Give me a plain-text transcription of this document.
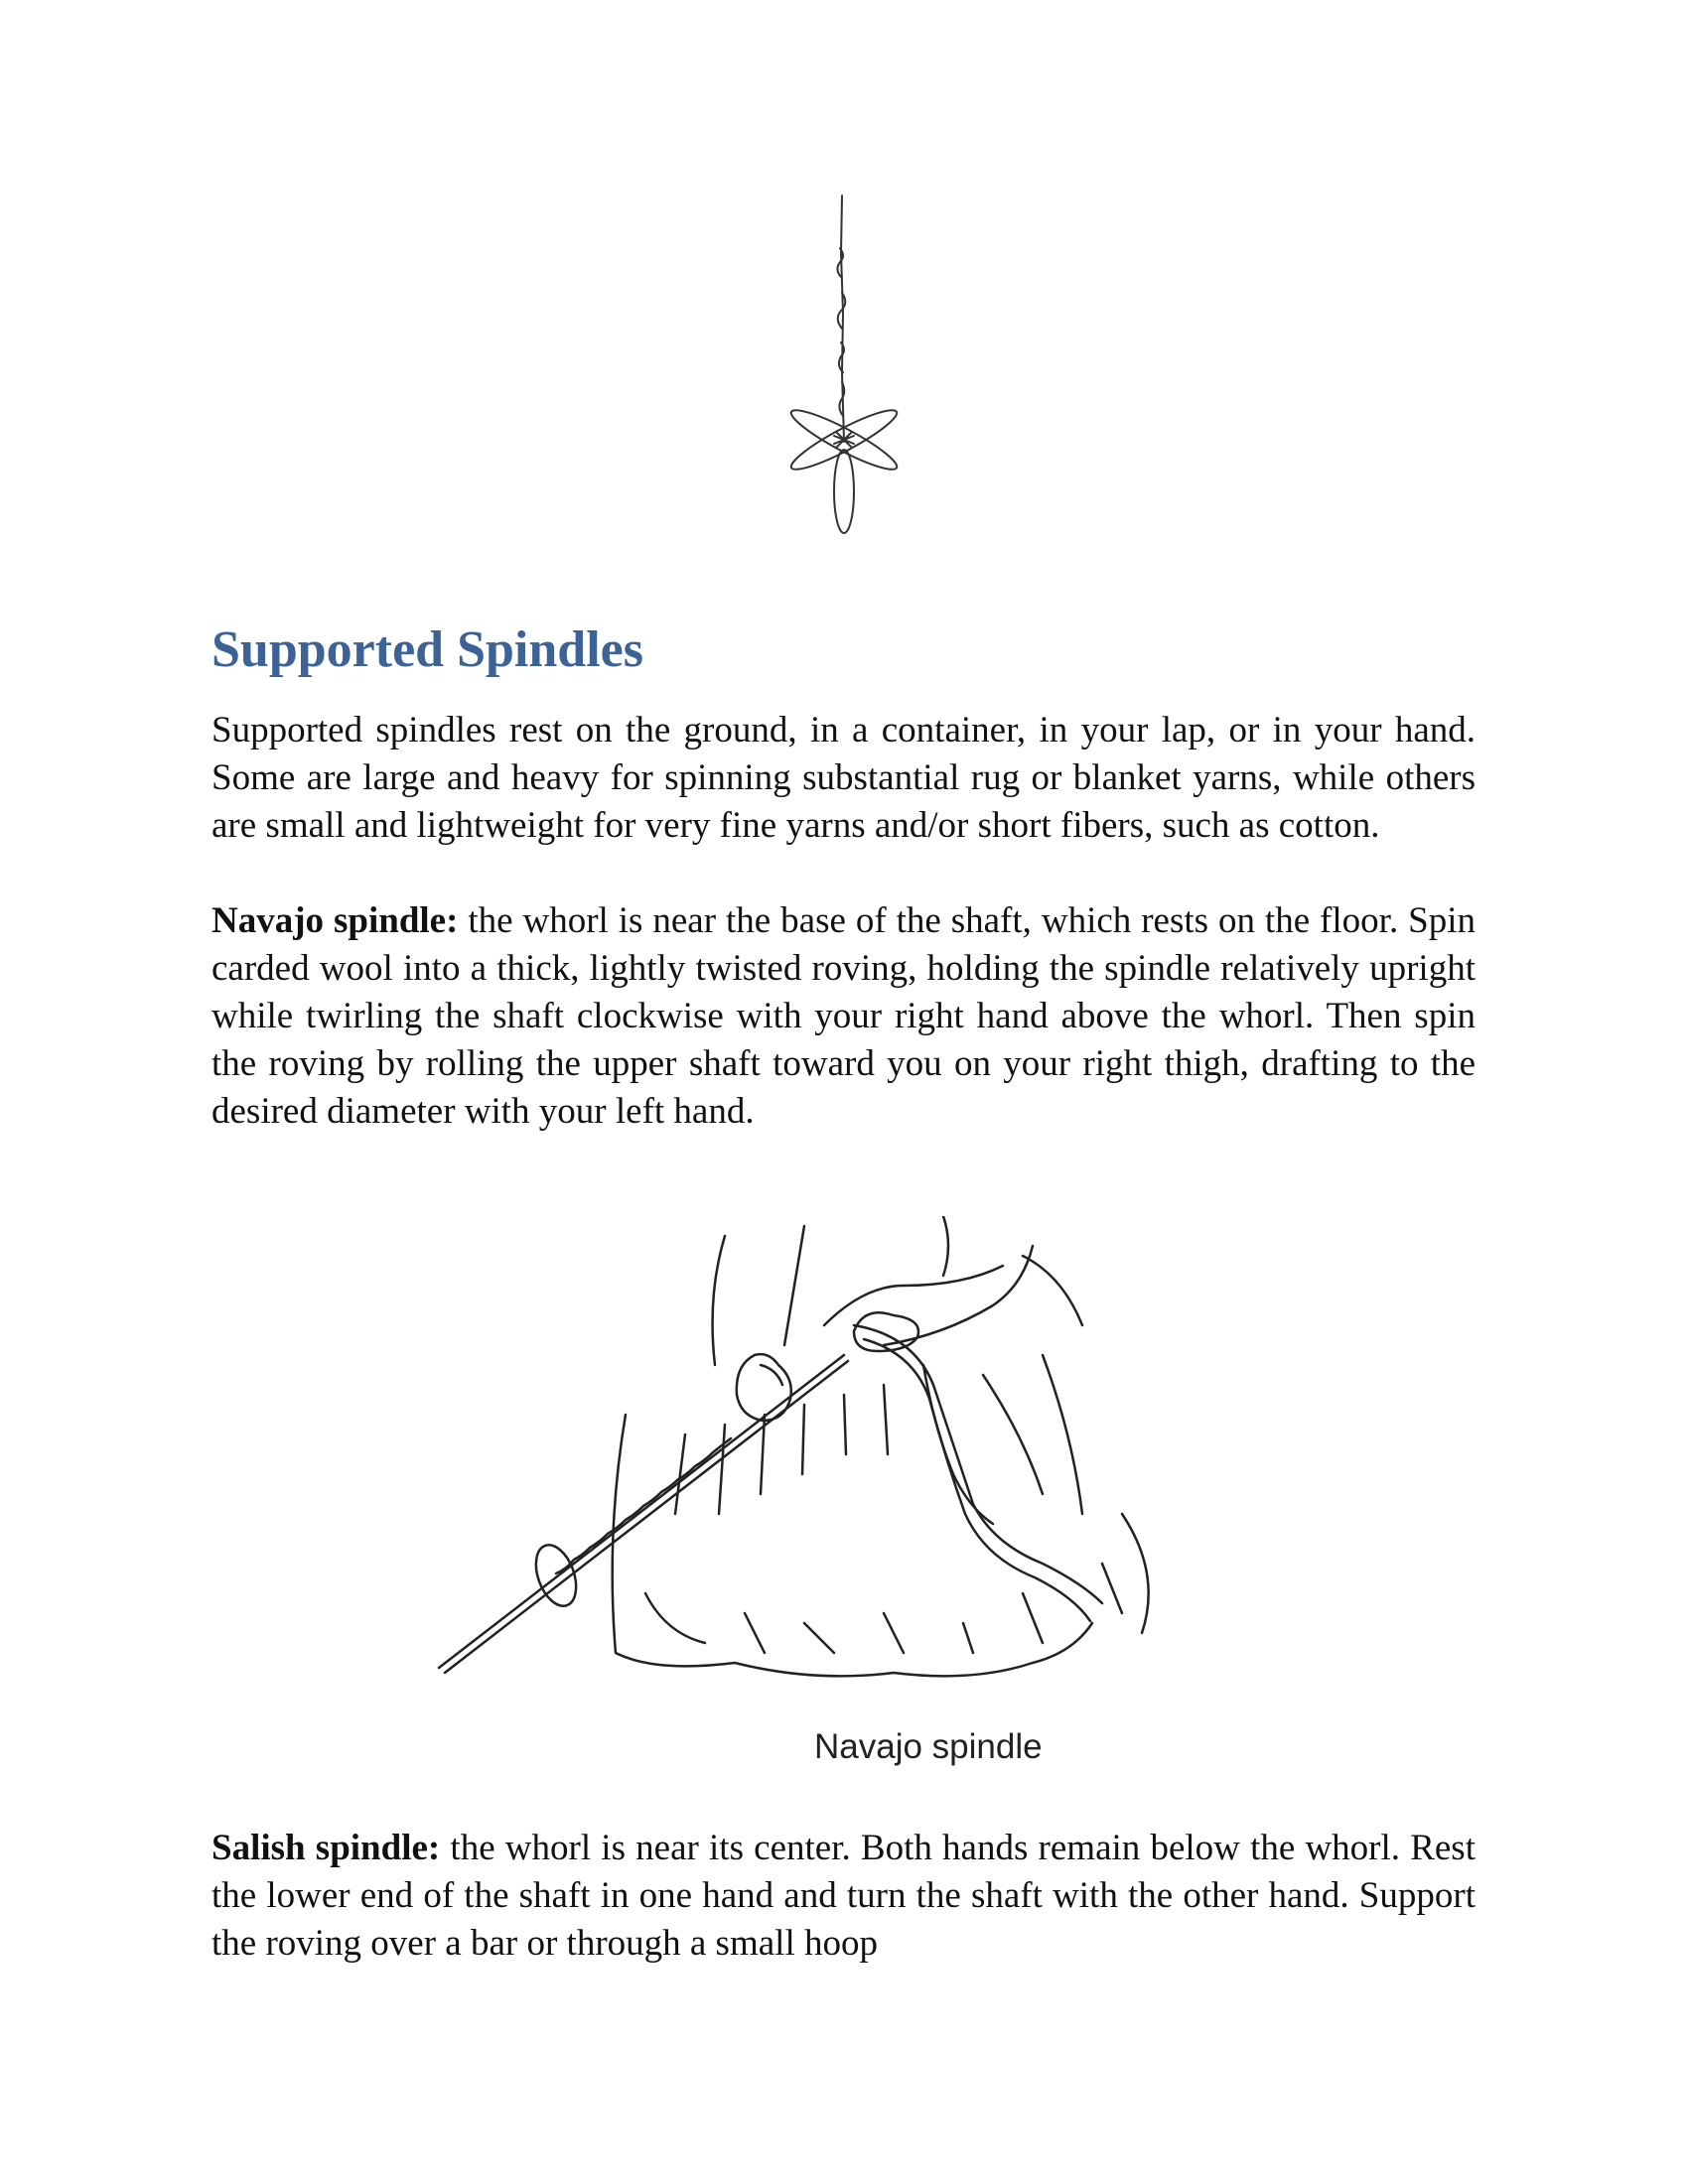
Supported Spindles

Supported spindles rest on the ground, in a container, in your lap, or in your hand. Some are large and heavy for spinning substantial rug or blanket yarns, while others are small and lightweight for very fine yarns and/or short fibers, such as cotton.

Navajo spindle: the whorl is near the base of the shaft, which rests on the floor. Spin carded wool into a thick, lightly twisted roving, holding the spindle relatively upright while twirling the shaft clockwise with your right hand above the whorl. Then spin the roving by rolling the upper shaft toward you on your right thigh, drafting to the desired diameter with your left hand.

Navajo spindle

Salish spindle: the whorl is near its center. Both hands remain below the whorl. Rest the lower end of the shaft in one hand and turn the shaft with the other hand. Support the roving over a bar or through a small hoop
